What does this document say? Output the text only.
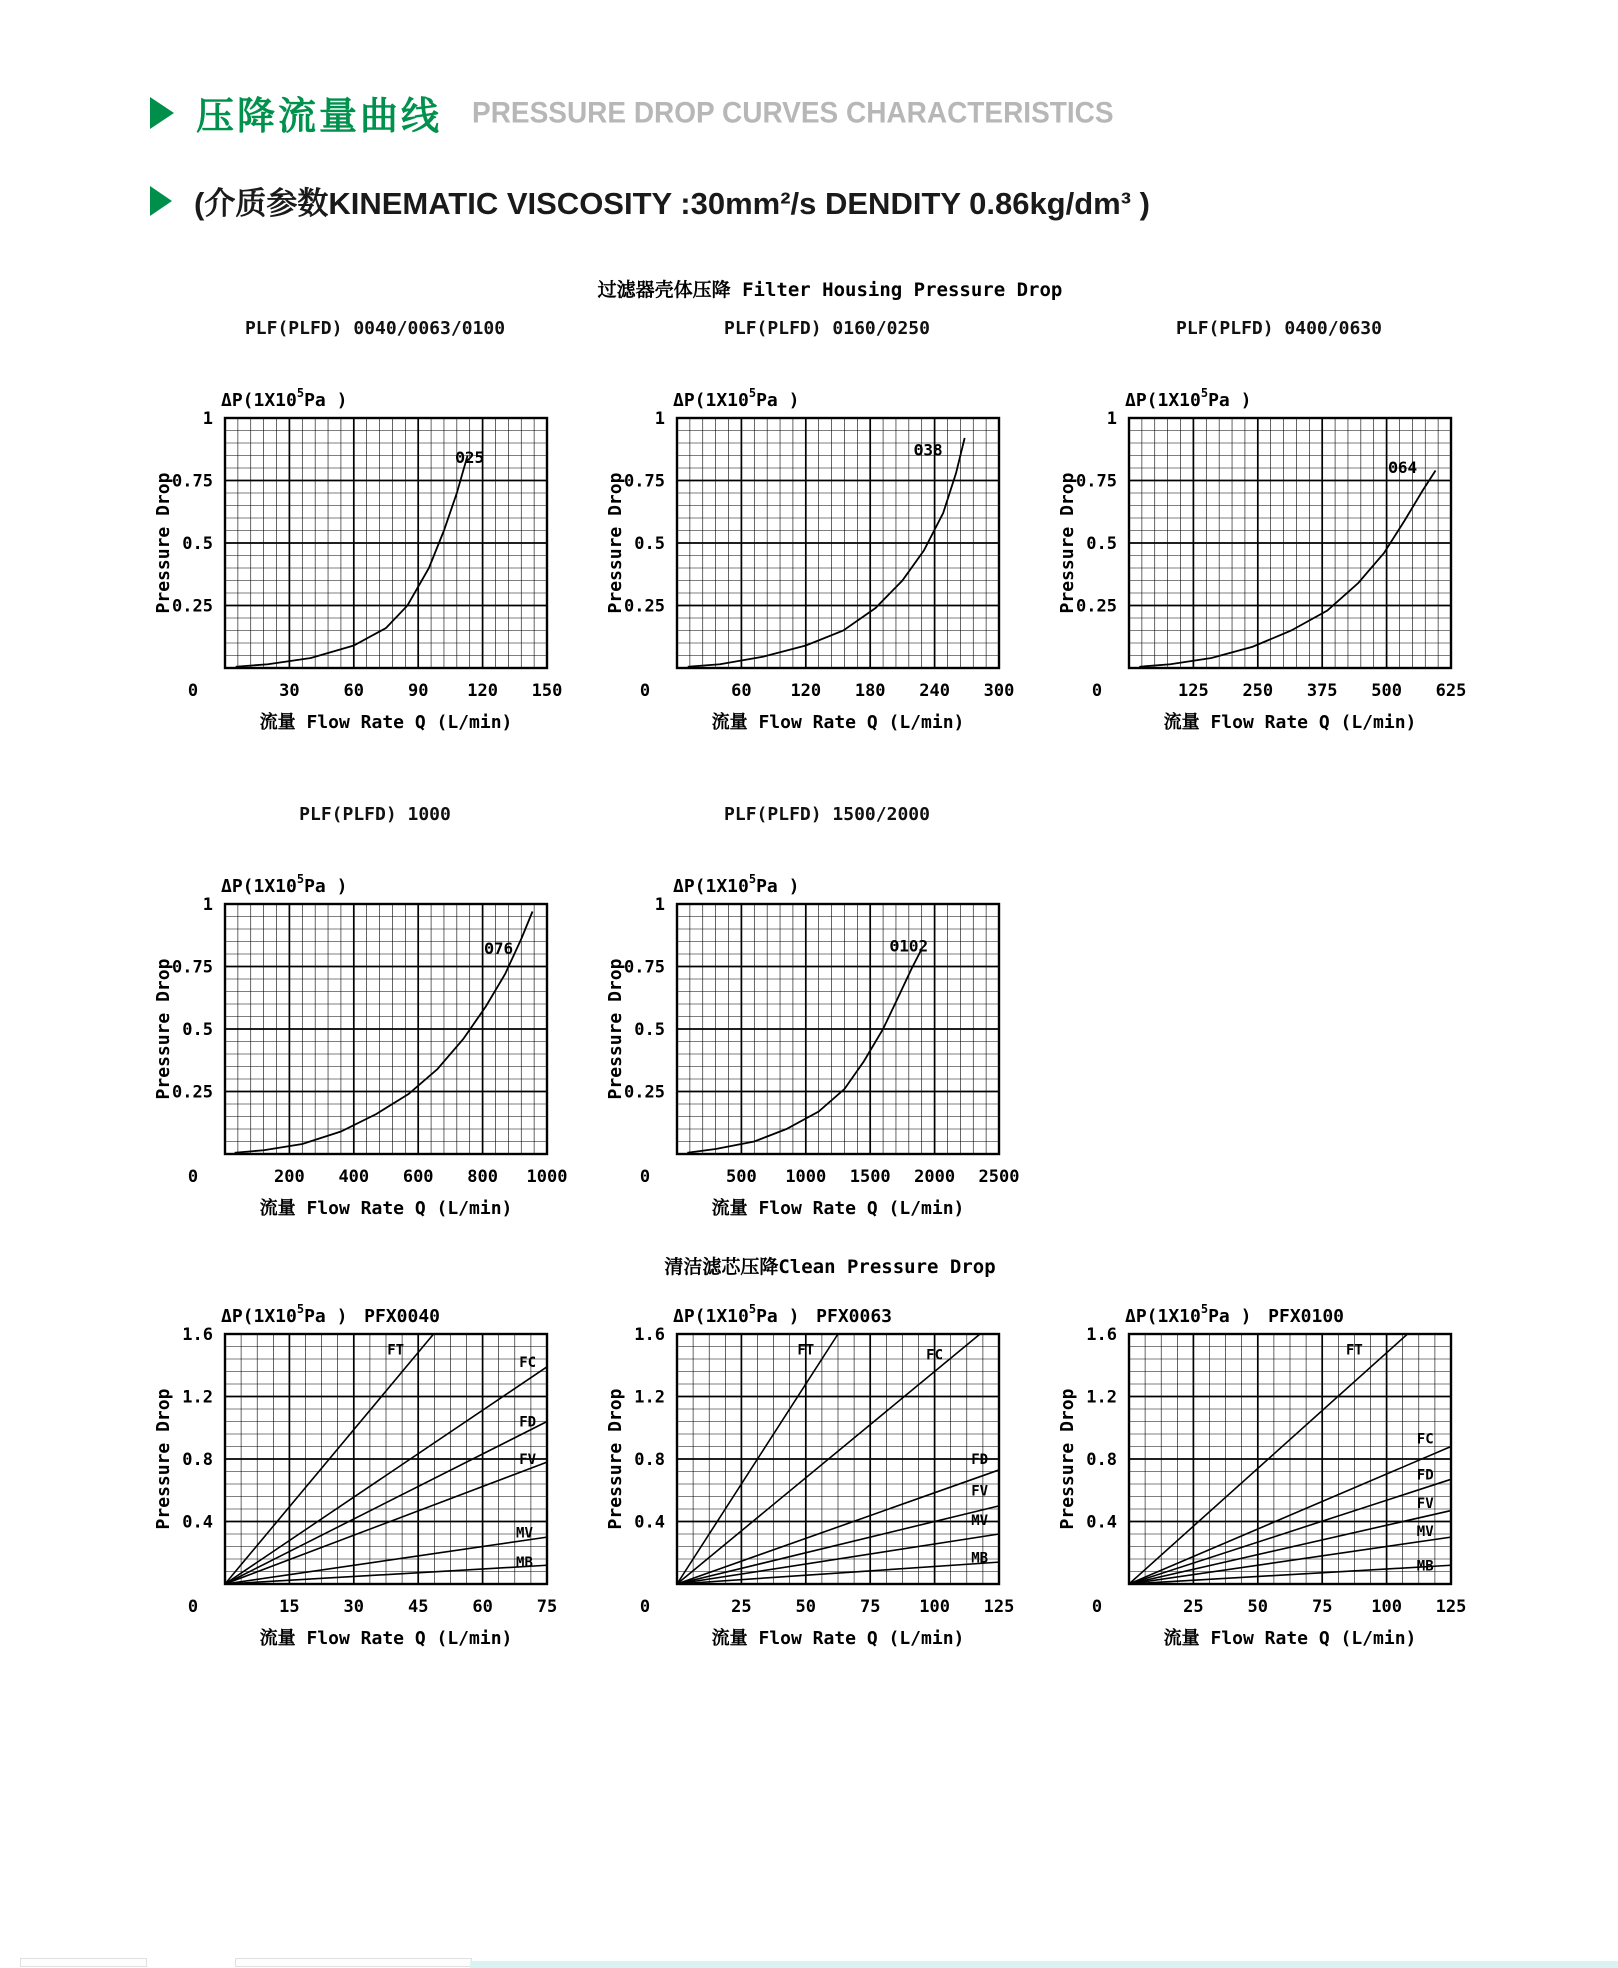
压降流量曲线 PRESSURE DROP CURVES CHARACTERISTICS
(介质参数KINEMATIC VISCOSITY :30mm²/s DENDITY 0.86kg/dm³ )
过滤器壳体压降 Filter Housing Pressure Drop
PLF(PLFD) 0040/0063/0100
1
0.75
0.5
0.25
0	30	60	90 120 150
$\Delta P(1X10^5Pa$ )
Pressure Drop
流量 Flow Rate Q (L/min)
Θ25
PLF(PLFD) 0160/0250
1
0.75
0.5
0.25
0	60 120 180 240 300
$\Delta P(1X10^5Pa$ )
Pressure Drop
流量 Flow Rate Q (L/min)
Θ38
PLF(PLFD) 0400/0630
1
0.75
0.5
0.25
0	125 250 375 500 625
$\Delta P(1X10^5Pa$ )
Pressure Drop
流量 Flow Rate Q (L/min)
Θ64
PLF(PLFD) 1000
1
0.75
0.5
0.25
0	200 400 600 800 1000
$\Delta P(1X10^5Pa$ )
Pressure Drop
流量 Flow Rate Q (L/min)
Θ76
PLF(PLFD) 1500/2000
1
0.75
0.5
0.25
0	500 1000 1500 2000 2500
$\Delta P(1X10^5Pa$ )
Pressure Drop
流量 Flow Rate Q (L/min)
Θ102
清洁滤芯压降Clean Pressure Drop
1.6
1.2
0.8
0.4
0	15	30	45	60	75
$\Delta P(1X10^5Pa$ ) PFX0040
Pressure Drop
流量 Flow Rate Q (L/min)
FT
FC
FD
FV
MV
MB
1.6
1.2
0.8
0.4
0	25	50	75 100 125
$\Delta P(1X10^5Pa$ ) PFX0063
Pressure Drop
流量 Flow Rate Q (L/min)
FT	FC
FD
FV
MV
MB
1.6
1.2
0.8
0.4
0	25	50	75 100 125
$\Delta P(1X10^5Pa$ ) PFX0100
Pressure Drop
流量 Flow Rate Q (L/min)
FT
FC
FD
FV
MV
MB
